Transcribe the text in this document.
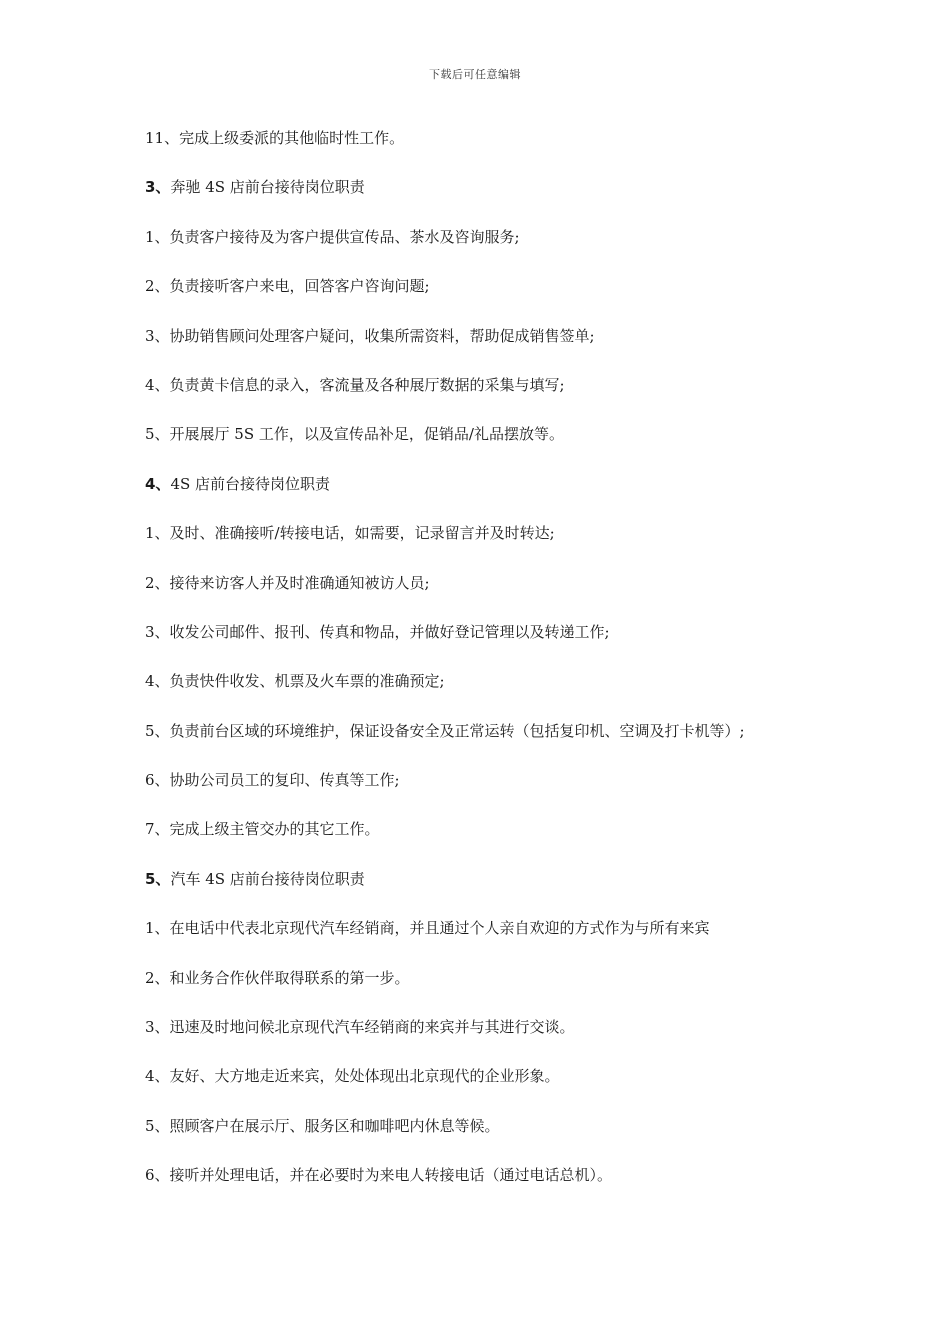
下载后可任意编辑

11、完成上级委派的其他临时性工作。

3、奔驰 4S 店前台接待岗位职责

1、负责客户接待及为客户提供宣传品、茶水及咨询服务;

2、负责接听客户来电，回答客户咨询问题;

3、协助销售顾问处理客户疑问，收集所需资料，帮助促成销售签单;

4、负责黄卡信息的录入，客流量及各种展厅数据的采集与填写;

5、开展展厅 5S 工作，以及宣传品补足，促销品/礼品摆放等。

4、4S 店前台接待岗位职责

1、及时、准确接听/转接电话，如需要，记录留言并及时转达;

2、接待来访客人并及时准确通知被访人员;

3、收发公司邮件、报刊、传真和物品，并做好登记管理以及转递工作;

4、负责快件收发、机票及火车票的准确预定;

5、负责前台区域的环境维护，保证设备安全及正常运转（包括复印机、空调及打卡机等）;

6、协助公司员工的复印、传真等工作;

7、完成上级主管交办的其它工作。

5、汽车 4S 店前台接待岗位职责

1、在电话中代表北京现代汽车经销商，并且通过个人亲自欢迎的方式作为与所有来宾

2、和业务合作伙伴取得联系的第一步。

3、迅速及时地问候北京现代汽车经销商的来宾并与其进行交谈。

4、友好、大方地走近来宾，处处体现出北京现代的企业形象。

5、照顾客户在展示厅、服务区和咖啡吧内休息等候。

6、接听并处理电话，并在必要时为来电人转接电话（通过电话总机）。
